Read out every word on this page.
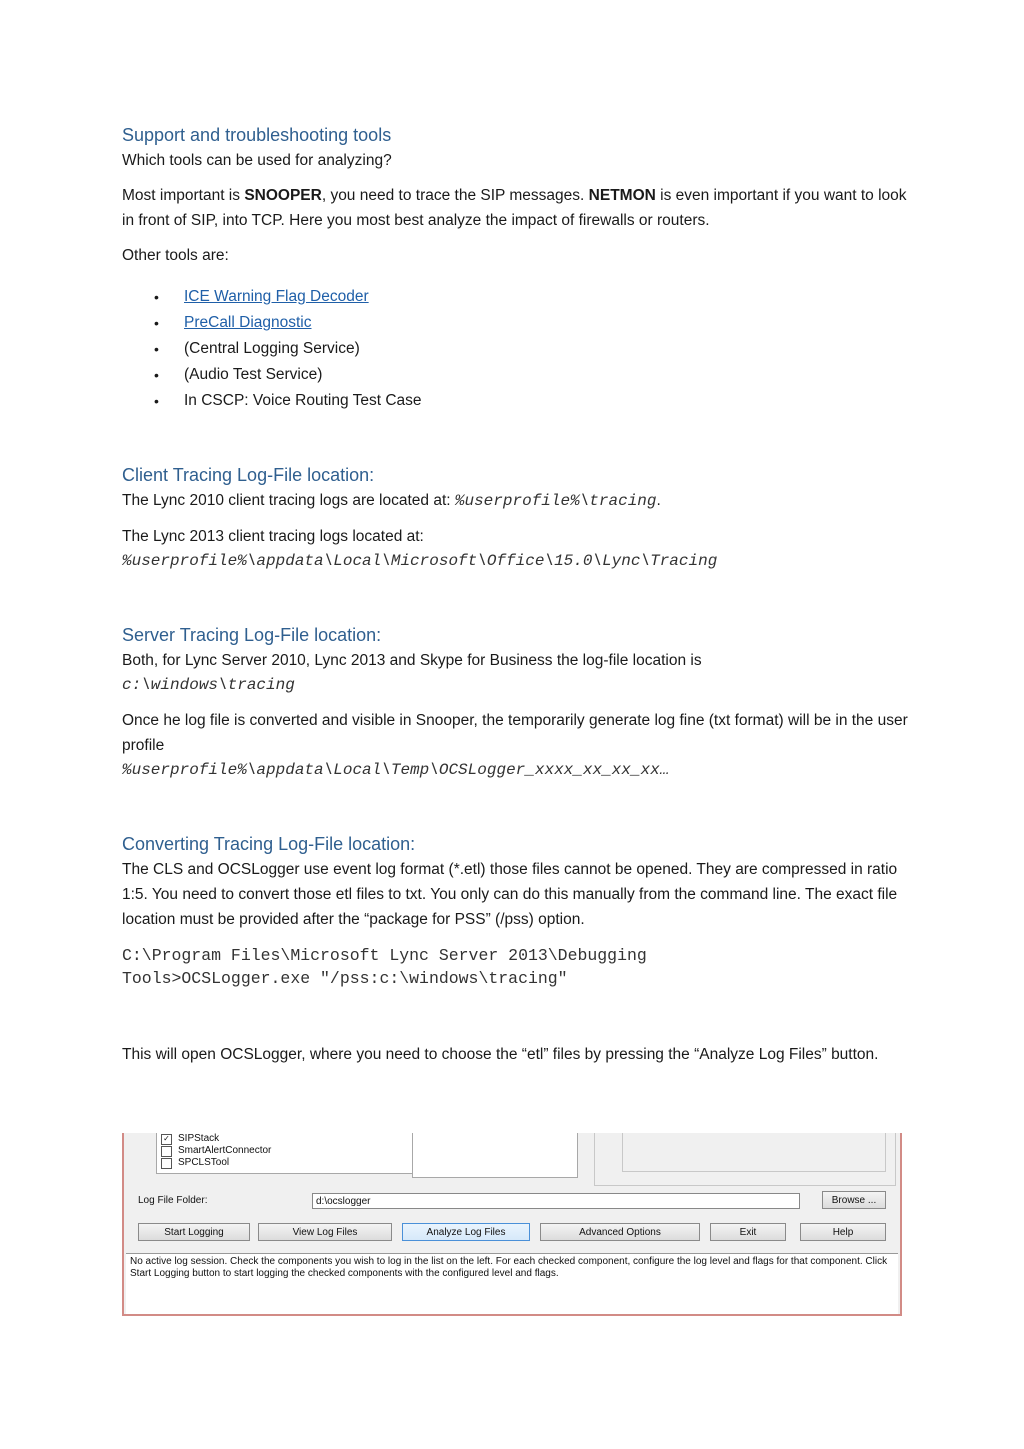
Support and troubleshooting tools

Which tools can be used for analyzing?

Most important is SNOOPER, you need to trace the SIP messages. NETMON is even important if you want to look in front of SIP, into TCP. Here you most best analyze the impact of firewalls or routers.

Other tools are:

• ICE Warning Flag Decoder
• PreCall Diagnostic
• (Central Logging Service)
• (Audio Test Service)
• In CSCP: Voice Routing Test Case
Client Tracing Log-File location:

The Lync 2010 client tracing logs are located at: %userprofile%\tracing.

The Lync 2013 client tracing logs located at:

%userprofile%\appdata\Local\Microsoft\Office\15.0\Lync\Tracing

Server Tracing Log-File location:

Both, for Lync Server 2010, Lync 2013 and Skype for Business the log-file location is

c:\windows\tracing

Once he log file is converted and visible in Snooper, the temporarily generate log fine (txt format) will be in the user profile

%userprofile%\appdata\Local\Temp\OCSLogger_xxxx_xx_xx_xx…

Converting Tracing Log-File location:

The CLS and OCSLogger use event log format (*.etl) those files cannot be opened. They are compressed in ratio 1:5. You need to convert those etl files to txt. You only can do this manually from the command line. The exact file location must be provided after the “package for PSS” (/pss) option.

C:\Program Files\Microsoft Lync Server 2013\Debugging
Tools>OCSLogger.exe "/pss:c:\windows\tracing"

This will open OCSLogger, where you need to choose the “etl” files by pressing the “Analyze Log Files” button.

✓ SIPStack
SmartAlertConnector
SPCLSTool
Log File Folder:	d:\ocslogger	Browse ...
Start Logging	View Log Files	Analyze Log Files	Advanced Options	Exit	Help
No active log session. Check the components you wish to log in the list on the left. For each checked component, configure the log level and flags for that component. Click Start Logging button to start logging the checked components with the configured level and flags.
